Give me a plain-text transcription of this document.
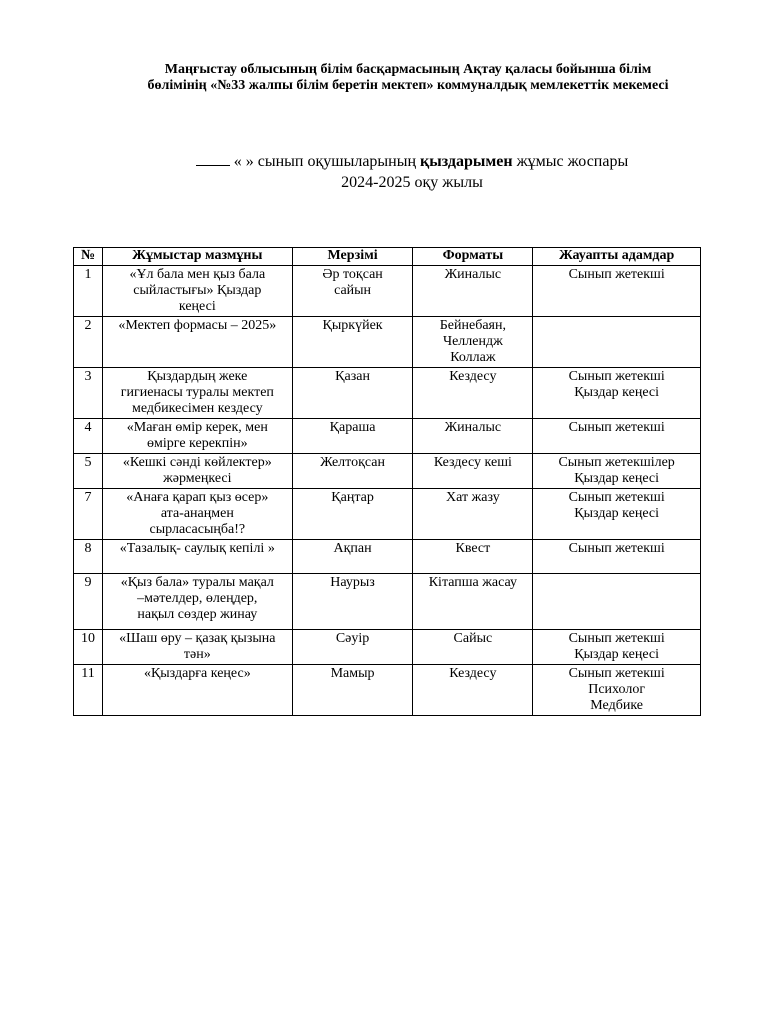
Маңғыстау облысының білім басқармасының Ақтау қаласы бойынша білім
бөлімінің «№33 жалпы білім беретін мектеп» коммуналдық мемлекеттік мекемесі
« » сынып оқушыларының қыздарымен жұмыс жоспары
2024-2025 оқу жылы
№	Жұмыстар мазмұны	Мерзімі	Форматы	Жауапты адамдар
1	«Ұл бала мен қыз бала
сыйластығы» Қыздар
кеңесі	Әр тоқсан
сайын	Жиналыс	Сынып жетекші

2	«Мектеп формасы – 2025»	Қыркүйек	Бейнебаян,
Челлендж
Коллаж	

3	Қыздардың жеке
гигиенасы туралы мектеп
медбикесімен кездесу	Қазан	Кездесу	Сынып жетекші
Қыздар кеңесі

4	«Маған өмір керек, мен
өмірге керекпін»	Қараша	Жиналыс	Сынып жетекші

5	«Кешкі сәнді көйлектер»
жәрмеңкесі	Желтоқсан	Кездесу кеші	Сынып жетекшілер
Қыздар кеңесі

7	«Анаға қарап қыз өсер»
ата-анаңмен
сырласасыңба!?	Қаңтар	Хат жазу	Сынып жетекші
Қыздар кеңесі

8	«Тазалық- саулық кепілі »	Ақпан	Квест	Сынып жетекші

9	«Қыз бала» туралы мақал
–мәтелдер, өлеңдер,
нақыл сөздер жинау	Наурыз	Кітапша жасау	

10	«Шаш өру – қазақ қызына
тән»	Сәуір	Сайыс	Сынып жетекші
Қыздар кеңесі

11	«Қыздарға кеңес»	Мамыр	Кездесу	Сынып жетекші
Психолог
Медбике
